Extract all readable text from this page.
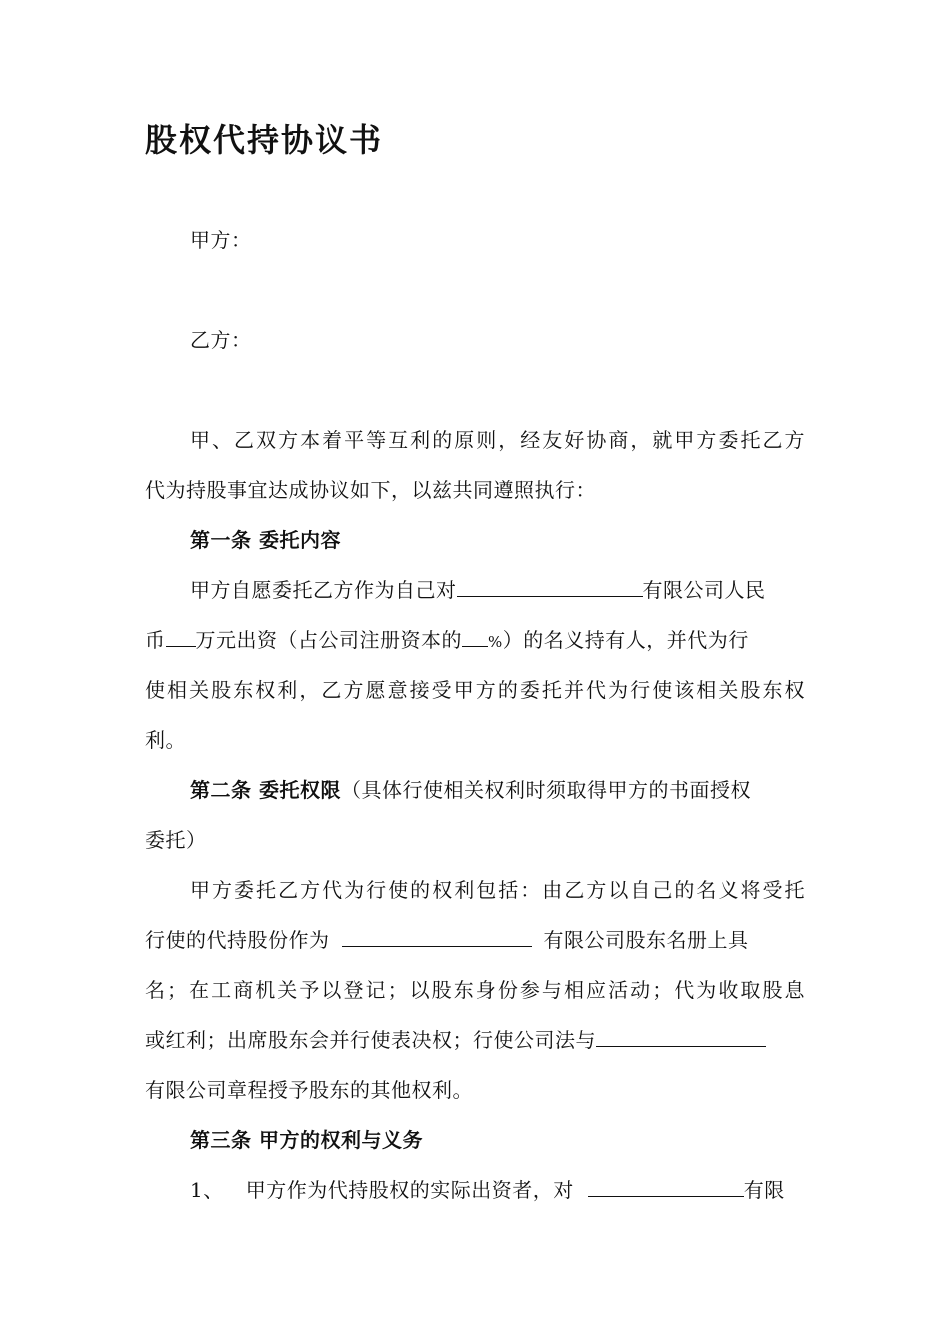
股权代持协议书
甲方：
乙方：
甲、乙双方本着平等互利的原则，经友好协商，就甲方委托乙方
代为持股事宜达成协议如下，以兹共同遵照执行：
第一条 委托内容
甲方自愿委托乙方作为自己对	有限公司人民
币 万元出资（占公司注册资本的 %）的名义持有人，并代为行
使相关股东权利，乙方愿意接受甲方的委托并代为行使该相关股东权
利。
第二条 委托权限（具体行使相关权利时须取得甲方的书面授权
委托）
甲方委托乙方代为行使的权利包括：由乙方以自己的名义将受托
行使的代持股份作为	有限公司股东名册上具
名；在工商机关予以登记；以股东身份参与相应活动；代为收取股息
或红利；出席股东会并行使表决权；行使公司法与
有限公司章程授予股东的其他权利。
第三条 甲方的权利与义务
1、 甲方作为代持股权的实际出资者，对	有限
